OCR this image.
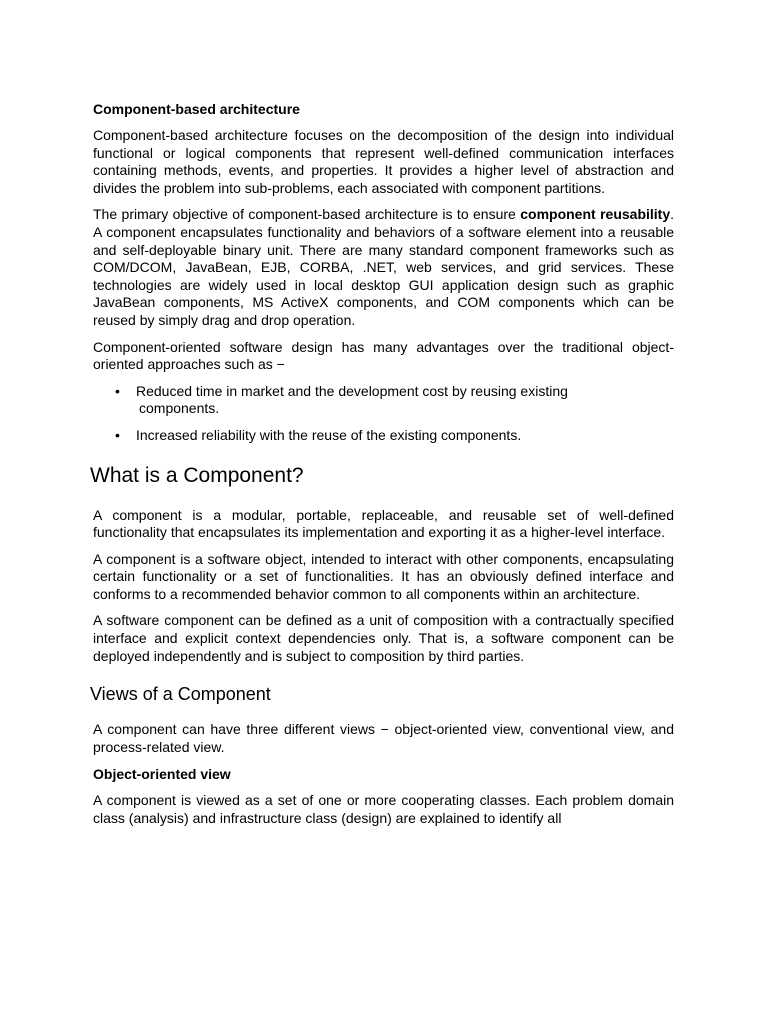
Component-based architecture

Component-based architecture focuses on the decomposition of the design into individual functional or logical components that represent well-defined communication interfaces containing methods, events, and properties. It provides a higher level of abstraction and divides the problem into sub-problems, each associated with component partitions.

The primary objective of component-based architecture is to ensure component reusability. A component encapsulates functionality and behaviors of a software element into a reusable and self-deployable binary unit. There are many standard component frameworks such as COM/DCOM, JavaBean, EJB, CORBA, .NET, web services, and grid services. These technologies are widely used in local desktop GUI application design such as graphic JavaBean components, MS ActiveX components, and COM components which can be reused by simply drag and drop operation.

Component-oriented software design has many advantages over the traditional object-oriented approaches such as −

• Reduced time in market and the development cost by reusing existing
components.
• Increased reliability with the reuse of the existing components.
What is a Component?

A component is a modular, portable, replaceable, and reusable set of well-defined functionality that encapsulates its implementation and exporting it as a higher-level interface.

A component is a software object, intended to interact with other components, encapsulating certain functionality or a set of functionalities. It has an obviously defined interface and conforms to a recommended behavior common to all components within an architecture.

A software component can be defined as a unit of composition with a contractually specified interface and explicit context dependencies only. That is, a software component can be deployed independently and is subject to composition by third parties.

Views of a Component

A component can have three different views − object-oriented view, conventional view, and process-related view.

Object-oriented view

A component is viewed as a set of one or more cooperating classes. Each problem domain class (analysis) and infrastructure class (design) are explained to identify all
